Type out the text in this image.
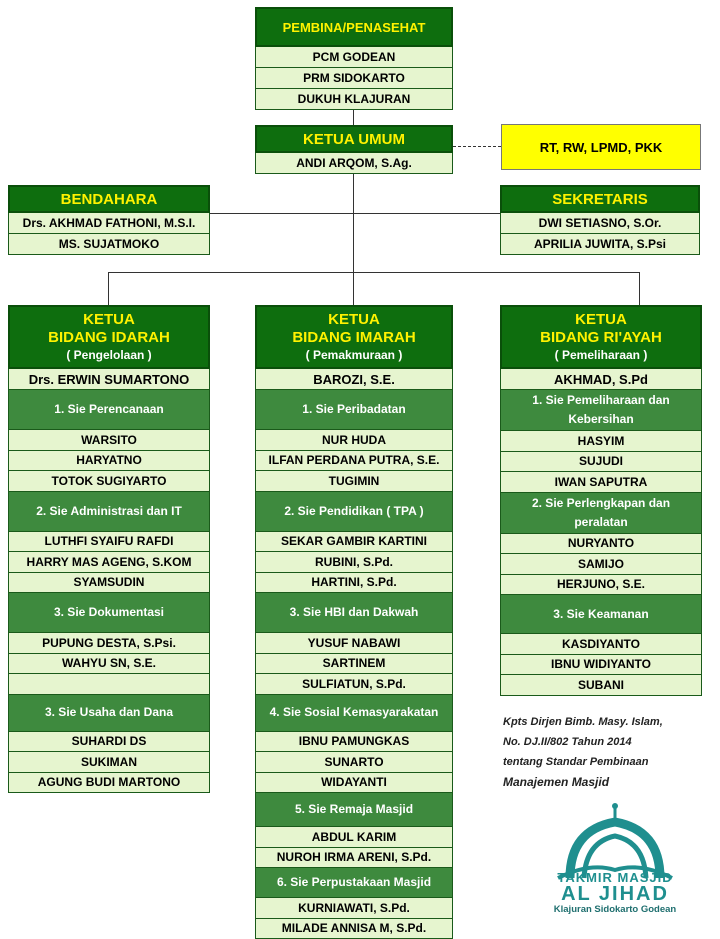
PEMBINA/PENASEHAT
PCM GODEAN
PRM SIDOKARTO
DUKUH KLAJURAN
KETUA UMUM
ANDI ARQOM, S.Ag.
RT, RW, LPMD, PKK
BENDAHARA
Drs. AKHMAD FATHONI, M.S.I.
MS. SUJATMOKO
SEKRETARIS
DWI SETIASNO, S.Or.
APRILIA JUWITA, S.Psi
KETUA
BIDANG IDARAH
( Pengelolaan )
Drs. ERWIN SUMARTONO
1. Sie Perencanaan
WARSITO
HARYATNO
TOTOK SUGIYARTO
2. Sie Administrasi dan IT
LUTHFI SYAIFU RAFDI
HARRY MAS AGENG, S.KOM
SYAMSUDIN
3. Sie Dokumentasi
PUPUNG DESTA, S.Psi.
WAHYU SN, S.E.
3. Sie Usaha dan Dana
SUHARDI DS
SUKIMAN
AGUNG BUDI MARTONO
KETUA
BIDANG IMARAH
( Pemakmuraan )
BAROZI, S.E.
1. Sie Peribadatan
NUR HUDA
ILFAN PERDANA PUTRA, S.E.
TUGIMIN
2. Sie Pendidikan ( TPA )
SEKAR GAMBIR KARTINI
RUBINI, S.Pd.
HARTINI, S.Pd.
3. Sie HBI dan Dakwah
YUSUF NABAWI
SARTINEM
SULFIATUN, S.Pd.
4. Sie Sosial Kemasyarakatan
IBNU PAMUNGKAS
SUNARTO
WIDAYANTI
5. Sie Remaja Masjid
ABDUL KARIM
NUROH IRMA ARENI, S.Pd.
6. Sie Perpustakaan Masjid
KURNIAWATI, S.Pd.
MILADE ANNISA M, S.Pd.
KETUA
BIDANG RI'AYAH
( Pemeliharaan )
AKHMAD, S.Pd
1. Sie Pemeliharaan dan Kebersihan
HASYIM
SUJUDI
IWAN SAPUTRA
2. Sie Perlengkapan dan peralatan
NURYANTO
SAMIJO
HERJUNO, S.E.
3. Sie Keamanan
KASDIYANTO
IBNU WIDIYANTO
SUBANI
Kpts Dirjen Bimb. Masy. Islam,
No. DJ.II/802 Tahun 2014
tentang Standar Pembinaan
Manajemen Masjid
TAKMIR MASJID
AL JIHAD
Klajuran Sidokarto Godean
